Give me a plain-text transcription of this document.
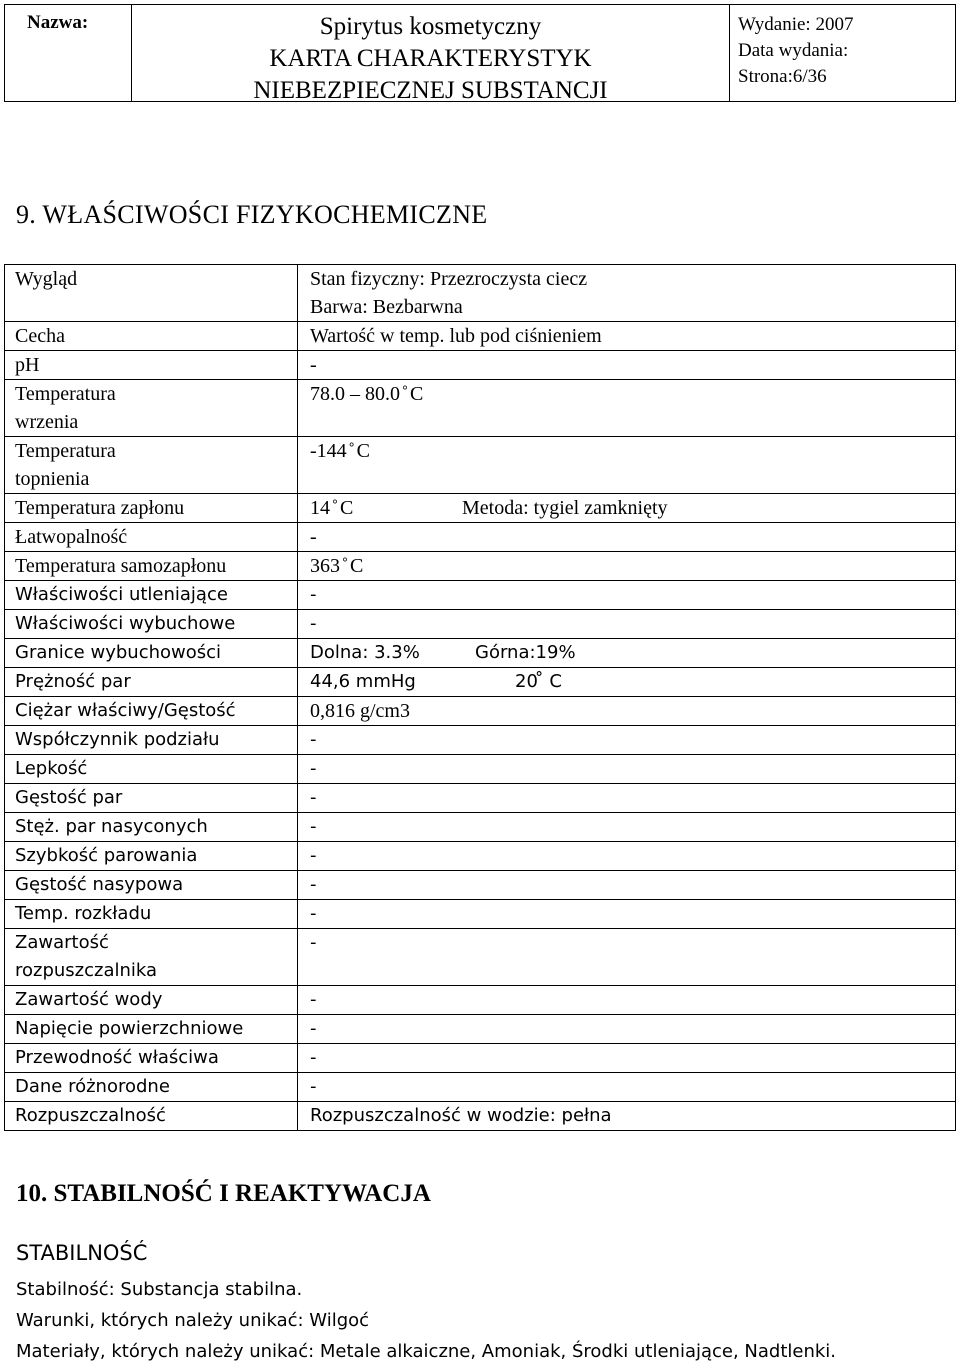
Nazwa:	Spirytus kosmetyczny
KARTA CHARAKTERYSTYK
NIEBEZPIECZNEJ SUBSTANCJI
Wydanie: 2007
Data wydania:
Strona:6/36
9. WŁAŚCIWOŚCI FIZYKOCHEMICZNE
Wygląd	Stan fizyczny: Przezroczysta ciecz
Barwa: Bezbarwna

Cecha	Wartość w temp. lub pod ciśnieniem
pH	-
Temperatura wrzenia	78.0 – 80.0 ̊ C
Temperatura topnienia	-144 ̊ C
Temperatura zapłonu	14 ̊ C Metoda: tygiel zamknięty
Łatwopalność	-
Temperatura samozapłonu	363 ̊ C
Właściwości utleniające	-
Właściwości wybuchowe	-
Granice wybuchowości	Dolna: 3.3% Górna:19%
Prężność par	44,6 mmHg 20 ̊ C
Ciężar właściwy/Gęstość	0,816 g/cm3
Współczynnik podziału	-
Lepkość	-
Gęstość par	-
Stęż. par nasyconych	-
Szybkość parowania	-
Gęstość nasypowa	-
Temp. rozkładu	-
Zawartość rozpuszczalnika	-
Zawartość wody	-
Napięcie powierzchniowe	-
Przewodność właściwa	-
Dane różnorodne	-
Rozpuszczalność	Rozpuszczalność w wodzie: pełna
10. STABILNOŚĆ I REAKTYWACJA
STABILNOŚĆ
Stabilność: Substancja stabilna.
Warunki, których należy unikać: Wilgoć
Materiały, których należy unikać: Metale alkaiczne, Amoniak, Środki utleniające, Nadtlenki.
